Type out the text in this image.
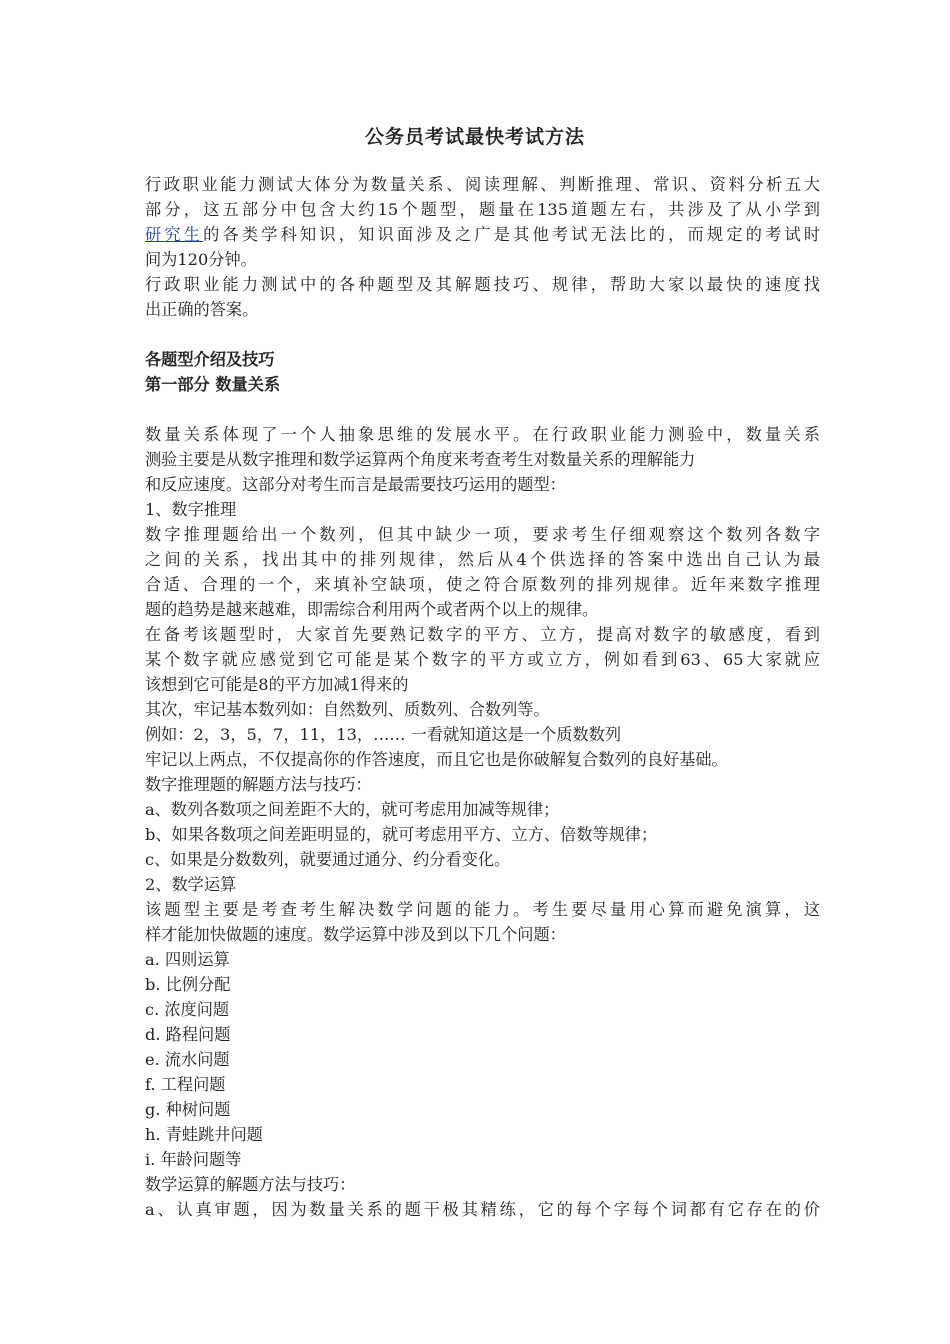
公务员考试最快考试方法
行政职业能力测试大体分为数量关系、阅读理解、判断推理、常识、资料分析五大
部分，这五部分中包含大约15个题型，题量在135道题左右，共涉及了从小学到
研究生的各类学科知识，知识面涉及之广是其他考试无法比的，而规定的考试时
间为120分钟。
行政职业能力测试中的各种题型及其解题技巧、规律，帮助大家以最快的速度找
出正确的答案。
各题型介绍及技巧
第一部分 数量关系
数量关系体现了一个人抽象思维的发展水平。在行政职业能力测验中，数量关系
测验主要是从数字推理和数学运算两个角度来考查考生对数量关系的理解能力
和反应速度。这部分对考生而言是最需要技巧运用的题型：
1、数字推理
数字推理题给出一个数列，但其中缺少一项，要求考生仔细观察这个数列各数字
之间的关系，找出其中的排列规律，然后从4个供选择的答案中选出自己认为最
合适、合理的一个，来填补空缺项，使之符合原数列的排列规律。近年来数字推理
题的趋势是越来越难，即需综合利用两个或者两个以上的规律。
在备考该题型时，大家首先要熟记数字的平方、立方，提高对数字的敏感度，看到
某个数字就应感觉到它可能是某个数字的平方或立方，例如看到63、65大家就应
该想到它可能是8的平方加减1得来的
其次，牢记基本数列如：自然数列、质数列、合数列等。
例如：2，3，5，7，11，13，…… 一看就知道这是一个质数数列
牢记以上两点，不仅提高你的作答速度，而且它也是你破解复合数列的良好基础。
数字推理题的解题方法与技巧：
a、数列各数项之间差距不大的，就可考虑用加减等规律；
b、如果各数项之间差距明显的，就可考虑用平方、立方、倍数等规律；
c、如果是分数数列，就要通过通分、约分看变化。
2、数学运算
该题型主要是考查考生解决数学问题的能力。考生要尽量用心算而避免演算，这
样才能加快做题的速度。数学运算中涉及到以下几个问题：
a. 四则运算
b. 比例分配
c. 浓度问题
d. 路程问题
e. 流水问题
f. 工程问题
g. 种树问题
h. 青蛙跳井问题
i. 年龄问题等
数学运算的解题方法与技巧：
a、认真审题，因为数量关系的题干极其精练，它的每个字每个词都有它存在的价
